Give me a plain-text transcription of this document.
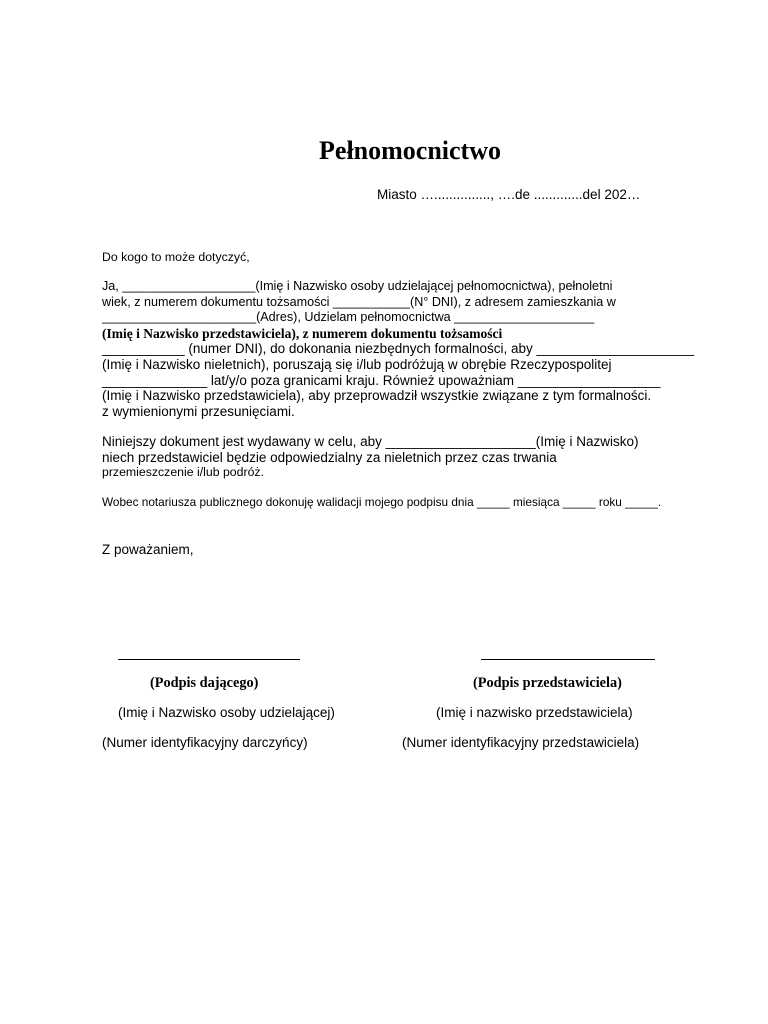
Pełnomocnictwo
Miasto …..............., ….de .............del 202…
Do kogo to może dotyczyć,
Ja, ___________________(Imię i Nazwisko osoby udzielającej pełnomocnictwa), pełnoletni
wiek, z numerem dokumentu tożsamości ___________(N° DNI), z adresem zamieszkania w
______________________(Adres), Udzielam pełnomocnictwa ____________________
(Imię i Nazwisko przedstawiciela), z numerem dokumentu tożsamości
___________ (numer DNI), do dokonania niezbędnych formalności, aby _____________________
(Imię i Nazwisko nieletnich), poruszają się i/lub podróżują w obrębie Rzeczypospolitej
______________ lat/y/o poza granicami kraju. Również upoważniam ___________________
(Imię i Nazwisko przedstawiciela), aby przeprowadził wszystkie związane z tym formalności.
z wymienionymi przesunięciami.
Niniejszy dokument jest wydawany w celu, aby ____________________(Imię i Nazwisko)
niech przedstawiciel będzie odpowiedzialny za nieletnich przez czas trwania
przemieszczenie i/lub podróż.
Wobec notariusza publicznego dokonuję walidacji mojego podpisu dnia _____ miesiąca _____ roku _____.
Z poważaniem,
(Podpis dającego)
(Imię i Nazwisko osoby udzielającej)
(Numer identyfikacyjny darczyńcy)
(Podpis przedstawiciela)
(Imię i nazwisko przedstawiciela)
(Numer identyfikacyjny przedstawiciela)
